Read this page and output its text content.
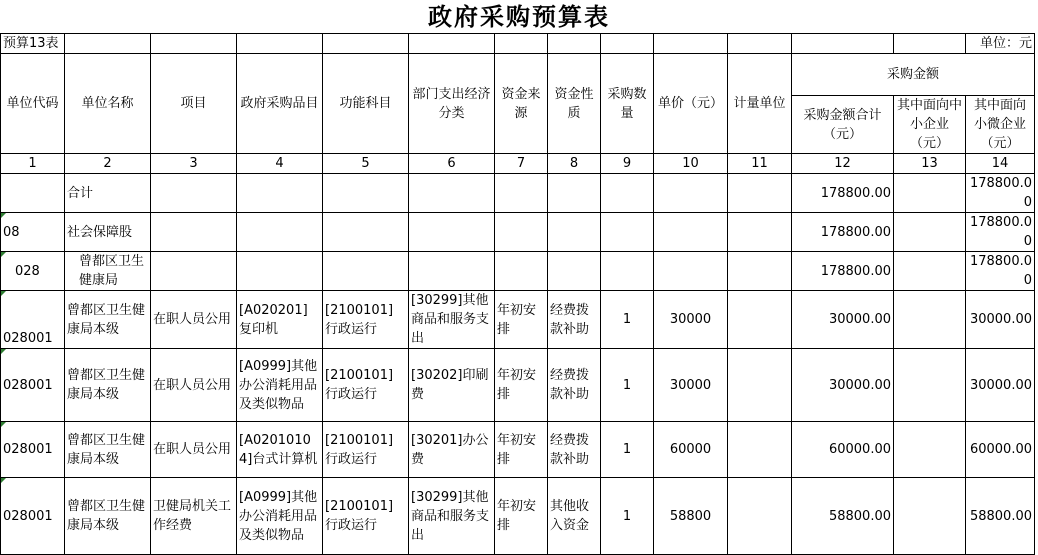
政府采购预算表
预算13表													单位：元
单位代码	单位名称	项目	政府采购品目	功能科目	部门支出经济分类	资金来源	资金性质	采购数量	单价（元）	计量单位	采购金额		
											采购金额合计（元）	其中面向中小企业（元）	其中面向小微企业（元）
1	2	3	4	5	6	7	8	9	10	11	12	13	14
	合计										178800.00		178800.00
08	社会保障股										178800.00		178800.00
028	曾都区卫生健康局										178800.00		178800.00
028001	曾都区卫生健康局本级	在职人员公用	[A020201]复印机	[2100101]行政运行	[30299]其他商品和服务支出	年初安排	经费拨款补助	1	30000		30000.00		30000.00
028001	曾都区卫生健康局本级	在职人员公用	[A0999]其他办公消耗用品及类似物品	[2100101]行政运行	[30202]印刷费	年初安排	经费拨款补助	1	30000		30000.00		30000.00
028001	曾都区卫生健康局本级	在职人员公用	[A02010104]台式计算机	[2100101]行政运行	[30201]办公费	年初安排	经费拨款补助	1	60000		60000.00		60000.00
028001	曾都区卫生健康局本级	卫健局机关工作经费	[A0999]其他办公消耗用品及类似物品	[2100101]行政运行	[30299]其他商品和服务支出	年初安排	其他收入资金	1	58800		58800.00		58800.00
